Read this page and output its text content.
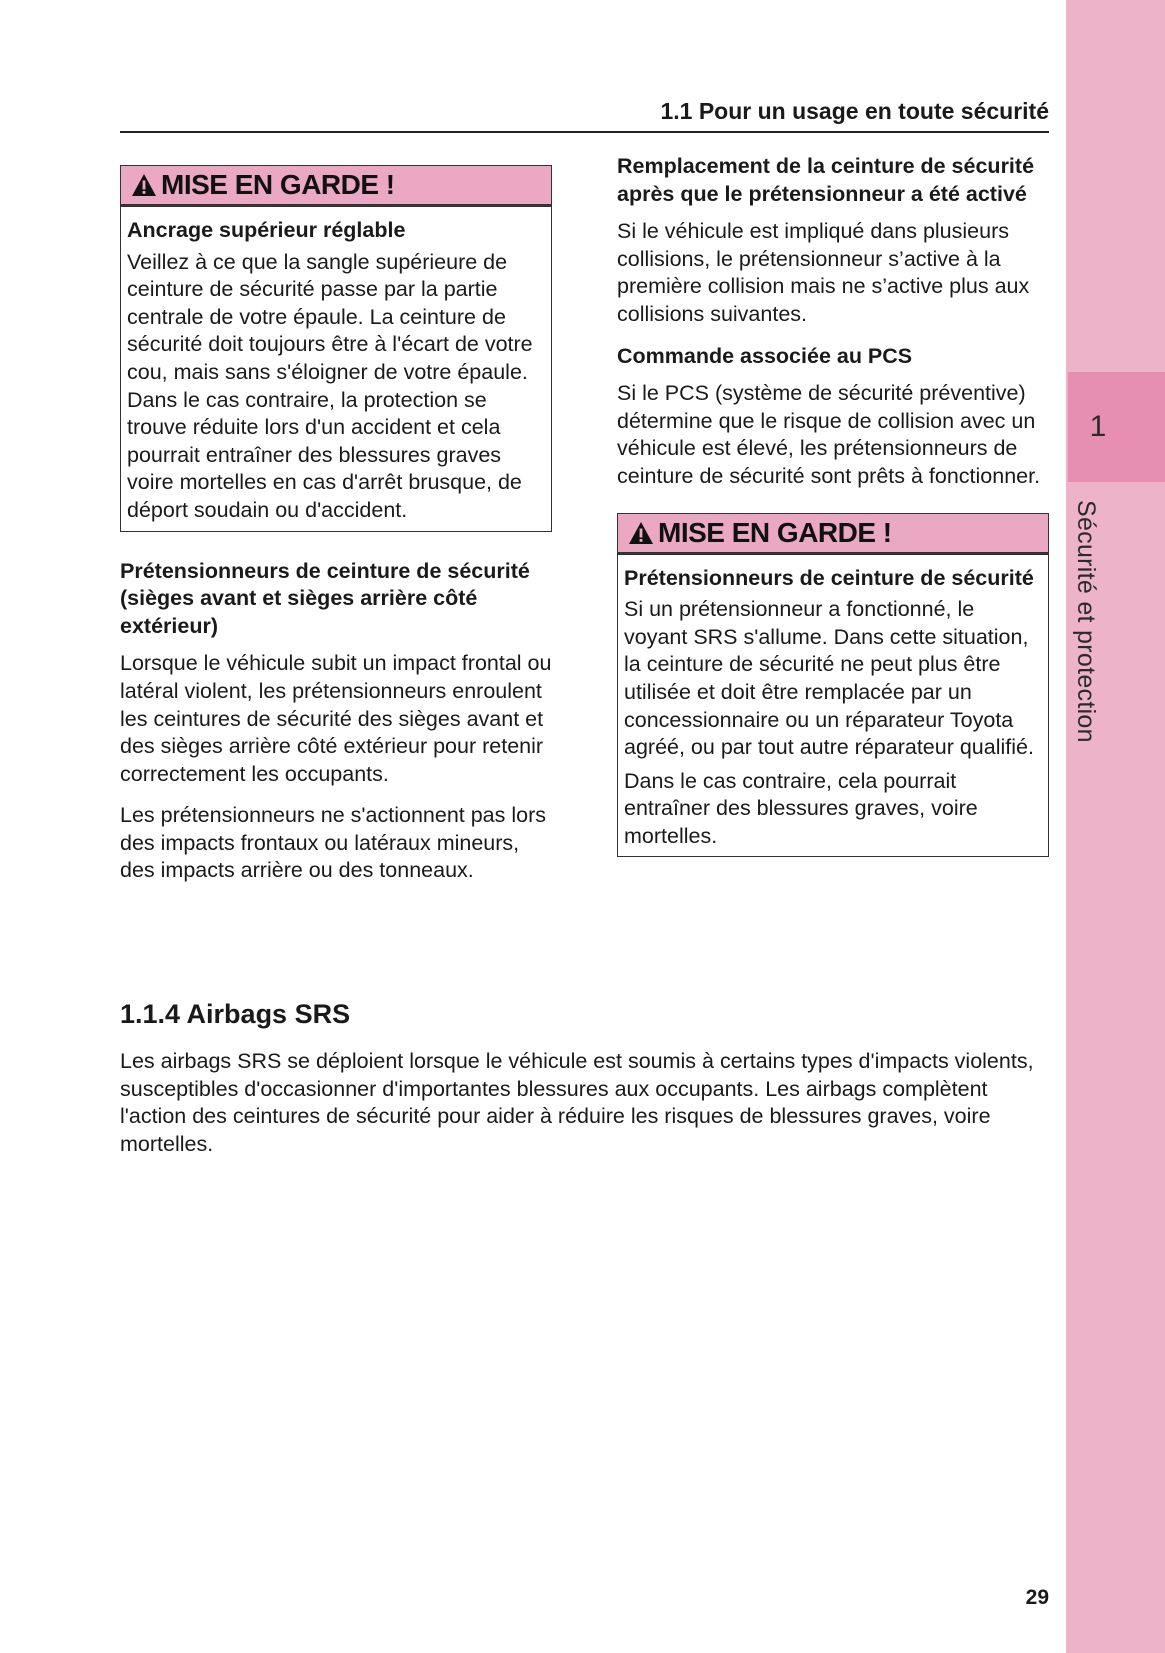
1
Sécurité et protection
1.1 Pour un usage en toute sécurité
MISE EN GARDE !
Ancrage supérieur réglable

Veillez à ce que la sangle supérieure de ceinture de sécurité passe par la partie centrale de votre épaule. La ceinture de sécurité doit toujours être à l'écart de votre cou, mais sans s'éloigner de votre épaule. Dans le cas contraire, la protection se trouve réduite lors d'un accident et cela pourrait entraîner des blessures graves voire mortelles en cas d'arrêt brusque, de déport soudain ou d'accident.

Prétensionneurs de ceinture de sécurité (sièges avant et sièges arrière côté extérieur)

Lorsque le véhicule subit un impact frontal ou latéral violent, les prétensionneurs enroulent les ceintures de sécurité des sièges avant et des sièges arrière côté extérieur pour retenir correctement les occupants.

Les prétensionneurs ne s'actionnent pas lors des impacts frontaux ou latéraux mineurs, des impacts arrière ou des tonneaux.

Remplacement de la ceinture de sécurité après que le prétensionneur a été activé

Si le véhicule est impliqué dans plusieurs collisions, le prétensionneur s’active à la première collision mais ne s’active plus aux collisions suivantes.

Commande associée au PCS

Si le PCS (système de sécurité préventive) détermine que le risque de collision avec un véhicule est élevé, les prétensionneurs de ceinture de sécurité sont prêts à fonctionner.

MISE EN GARDE !
Prétensionneurs de ceinture de sécurité

Si un prétensionneur a fonctionné, le voyant SRS s'allume. Dans cette situation, la ceinture de sécurité ne peut plus être utilisée et doit être remplacée par un concessionnaire ou un réparateur Toyota agréé, ou par tout autre réparateur qualifié.

Dans le cas contraire, cela pourrait entraîner des blessures graves, voire mortelles.

1.1.4 Airbags SRS
Les airbags SRS se déploient lorsque le véhicule est soumis à certains types d'impacts violents, susceptibles d'occasionner d'importantes blessures aux occupants. Les airbags complètent l'action des ceintures de sécurité pour aider à réduire les risques de blessures graves, voire mortelles.
29
